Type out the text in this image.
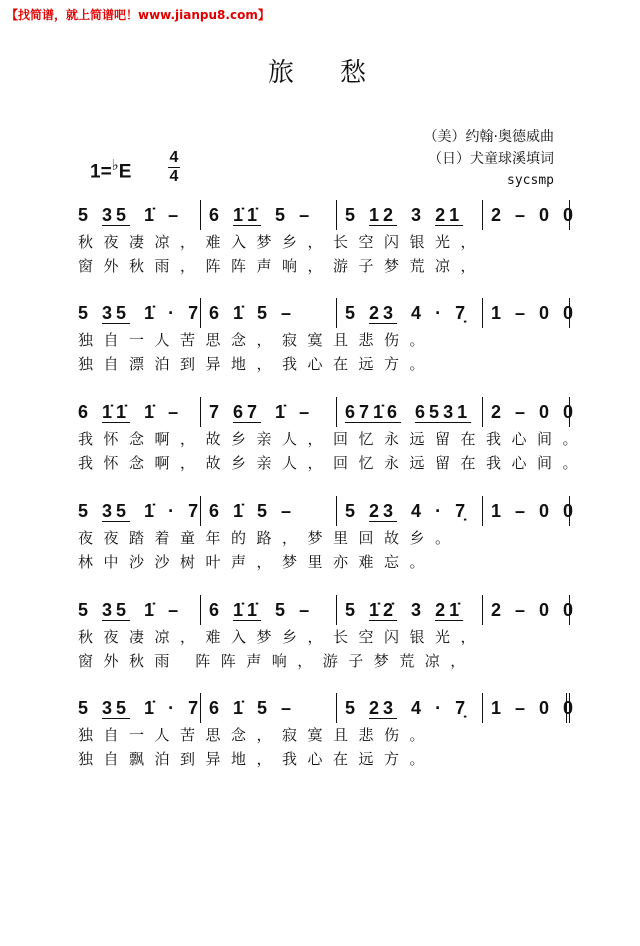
【找简谱，就上简谱吧！www.jianpu8.com】
旅愁
（美）约翰·奥德威曲
（日）犬童球溪填词
sycsmp
1=♭E
4
4
5 35 1̇ – 6 1̇1̇ 5 – 5 12 3 21 2 – 0 0
秋夜凄凉，难入梦乡，长空闪银光，
窗外秋雨，阵阵声响，游子梦荒凉，
5 35 1̇ · 7 6 1̇ 5 –	5 23 4 · 7̣ 1 – 0 0
独自一人苦思念，寂寞且悲伤。
独自漂泊到异地，我心在远方。
6 1̇1̇ 1̇ – 7 67 1̇ – 671̇6 6531 2 – 0 0
我怀念啊，故乡亲人，回忆永远留在我心间。
我怀念啊，故乡亲人，回忆永远留在我心间。
5 35 1̇ · 7 6 1̇ 5 –	5 23 4 · 7̣ 1 – 0 0
夜夜踏着童年的路，梦里回故乡。
林中沙沙树叶声，梦里亦难忘。
5 35 1̇ – 6 1̇1̇ 5 – 5 1̇2̇ 3 21̇ 2 – 0 0
秋夜凄凉，难入梦乡，长空闪银光，
窗外秋雨 阵阵声响，游子梦荒凉，
5 35 1̇ · 7 6 1̇ 5 –	5 23 4 · 7̣ 1 – 0 0
独自一人苦思念，寂寞且悲伤。
独自飘泊到异地，我心在远方。
